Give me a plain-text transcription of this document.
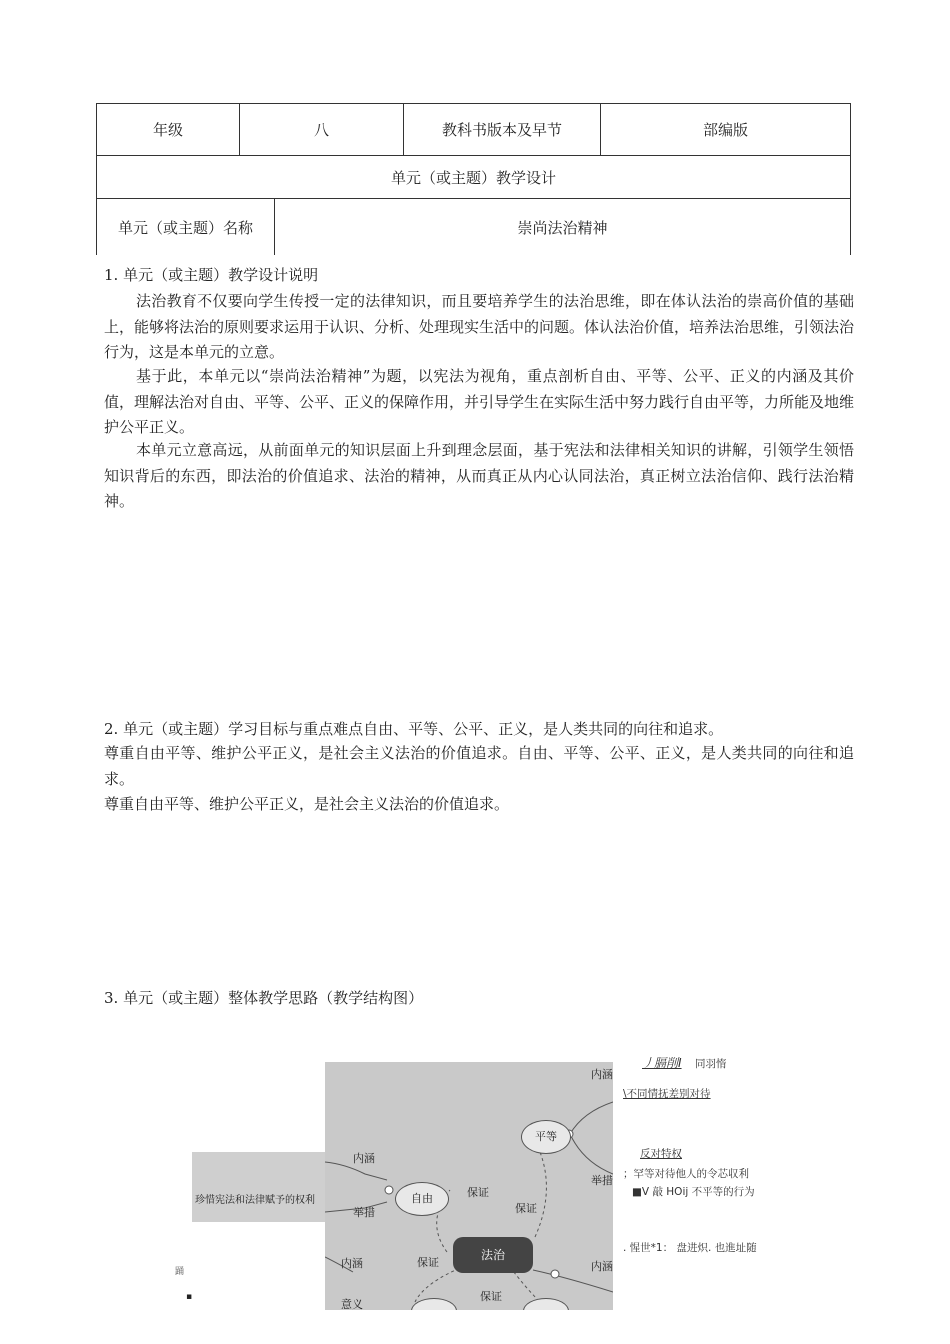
年级	八	教科书版本及早节	部编版
单元（或主题）教学设计
单元（或主题）名称	崇尚法治精神
1. 单元（或主题）教学设计说明

法治教育不仅要向学生传授一定的法律知识，而且要培养学生的法治思维，即在体认法治的崇高价值的基础上，能够将法治的原则要求运用于认识、分析、处理现实生活中的问题。体认法治价值，培养法治思维，引领法治行为，这是本单元的立意。

基于此，本单元以“崇尚法治精神”为题，以宪法为视角，重点剖析自由、平等、公平、正义的内涵及其价值，理解法治对自由、平等、公平、正义的保障作用，并引导学生在实际生活中努力践行自由平等，力所能及地维护公平正义。

本单元立意高远，从前面单元的知识层面上升到理念层面，基于宪法和法律相关知识的讲解，引领学生领悟知识背后的东西，即法治的价值追求、法治的精神，从而真正从内心认同法治，真正树立法治信仰、践行法治精神。

2. 单元（或主题）学习目标与重点难点自由、平等、公平、正义，是人类共同的向往和追求。

尊重自由平等、维护公平正义，是社会主义法治的价值追求。自由、平等、公平、正义，是人类共同的向往和追求。

尊重自由平等、维护公平正义，是社会主义法治的价值追求。

3. 单元（或主题）整体教学思路（教学结构图）
珍惜宪法和法律赋予的权利
踊
▪
内涵
举措
自由
平等
法治
保证
保证
保证
保证
内涵
举措
内涵	内涵
意义
丿膈削I 同羽惰
\不同情抚差别对待
反对特权
；罕等对待他人的令芯収利
■V 敲 HOij 不平等的行为
. 惺世*1： 盘进炽. 也進址随
